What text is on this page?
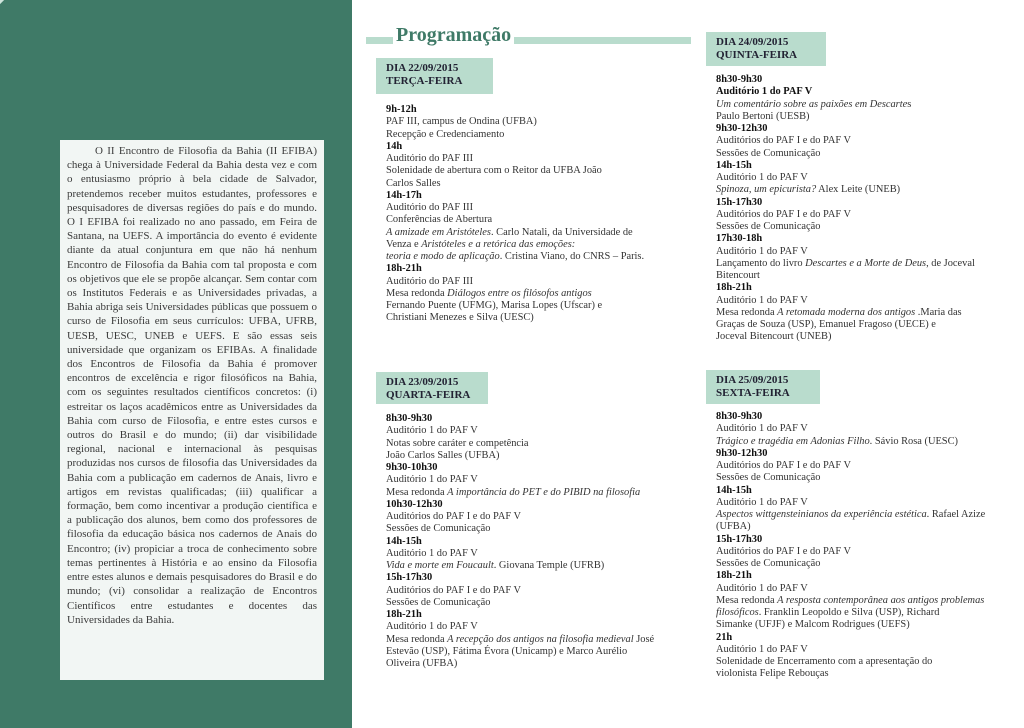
O II Encontro de Filosofia da Bahia (II EFIBA) chega à Universidade Federal da Bahia desta vez e com o entusiasmo próprio à bela cidade de Salvador, pretendemos receber muitos estudantes, professores e pesquisadores de diversas regiões do país e do mundo. O I EFIBA foi realizado no ano passado, em Feira de Santana, na UEFS. A importância do evento é evidente diante da atual conjuntura em que não há nenhum Encontro de Filosofia da Bahia com tal proposta e com os objetivos que ele se propõe alcançar. Sem contar com os Institutos Federais e as Universidades privadas, a Bahia abriga seis Universidades públicas que possuem o curso de Filosofia em seus currículos: UFBA, UFRB, UESB, UESC, UNEB e UEFS. E são essas seis universidade que organizam os EFIBAs. A finalidade dos Encontros de Filosofia da Bahia é promover encontros de excelência e rigor filosóficos na Bahia, com os seguintes resultados científicos concretos: (i) estreitar os laços acadêmicos entre as Universidades da Bahia com curso de Filosofia, e entre estes cursos e outros do Brasil e do mundo; (ii) dar visibilidade regional, nacional e internacional às pesquisas produzidas nos cursos de filosofia das Universidades da Bahia com a publicação em cadernos de Anais, livro e artigos em revistas qualificadas; (iii) qualificar a formação, bem como incentivar a produção científica e a publicação dos alunos, bem como dos professores de filosofia da educação básica nos cadernos de Anais do Encontro; (iv) propiciar a troca de conhecimento sobre temas pertinentes à História e ao ensino da Filosofia entre estes alunos e demais pesquisadores do Brasil e do mundo; (vi) consolidar a realização de Encontros Científicos entre estudantes e docentes das Universidades da Bahia.

Programação
DIA 22/09/2015
TERÇA-FEIRA
9h-12h
PAF III, campus de Ondina (UFBA)
Recepção e Credenciamento
14h
Auditório do PAF III
Solenidade de abertura com o Reitor da UFBA João
Carlos Salles
14h-17h
Auditório do PAF III
Conferências de Abertura
A amizade em Aristóteles. Carlo Natali, da Universidade de
Venza e Aristóteles e a retórica das emoções:
teoria e modo de aplicação. Cristina Viano, do CNRS – Paris.
18h-21h
Auditório do PAF III
Mesa redonda Diálogos entre os filósofos antigos
Fernando Puente (UFMG), Marisa Lopes (Ufscar) e
Christiani Menezes e Silva (UESC)
DIA 23/09/2015
QUARTA-FEIRA
8h30-9h30
Auditório 1 do PAF V
Notas sobre caráter e competência
João Carlos Salles (UFBA)
9h30-10h30
Auditório 1 do PAF V
Mesa redonda A importância do PET e do PIBID na filosofia
10h30-12h30
Auditórios do PAF I e do PAF V
Sessões de Comunicação
14h-15h
Auditório 1 do PAF V
Vida e morte em Foucault. Giovana Temple (UFRB)
15h-17h30
Auditórios do PAF I e do PAF V
Sessões de Comunicação
18h-21h
Auditório 1 do PAF V
Mesa redonda A recepção dos antigos na filosofia medieval José
Estevão (USP), Fátima Évora (Unicamp) e Marco Aurélio
Oliveira (UFBA)
DIA 24/09/2015
QUINTA-FEIRA
8h30-9h30
Auditório 1 do PAF V
Um comentário sobre as paixões em Descartes
Paulo Bertoni (UESB)
9h30-12h30
Auditórios do PAF I e do PAF V
Sessões de Comunicação
14h-15h
Auditório 1 do PAF V
Spinoza, um epicurista? Alex Leite (UNEB)
15h-17h30
Auditórios do PAF I e do PAF V
Sessões de Comunicação
17h30-18h
Auditório 1 do PAF V
Lançamento do livro Descartes e a Morte de Deus, de Joceval
Bitencourt
18h-21h
Auditório 1 do PAF V
Mesa redonda A retomada moderna dos antigos .Maria das
Graças de Souza (USP), Emanuel Fragoso (UECE) e
Joceval Bitencourt (UNEB)
DIA 25/09/2015
SEXTA-FEIRA
8h30-9h30
Auditório 1 do PAF V
Trágico e tragédia em Adonias Filho. Sávio Rosa (UESC)
9h30-12h30
Auditórios do PAF I e do PAF V
Sessões de Comunicação
14h-15h
Auditório 1 do PAF V
Aspectos wittgensteinianos da experiência estética. Rafael Azize
(UFBA)
15h-17h30
Auditórios do PAF I e do PAF V
Sessões de Comunicação
18h-21h
Auditório 1 do PAF V
Mesa redonda A resposta contemporânea aos antigos problemas
filosóficos. Franklin Leopoldo e Silva (USP), Richard
Simanke (UFJF) e Malcom Rodrigues (UEFS)
21h
Auditório 1 do PAF V
Solenidade de Encerramento com a apresentação do
violonista Felipe Rebouças
